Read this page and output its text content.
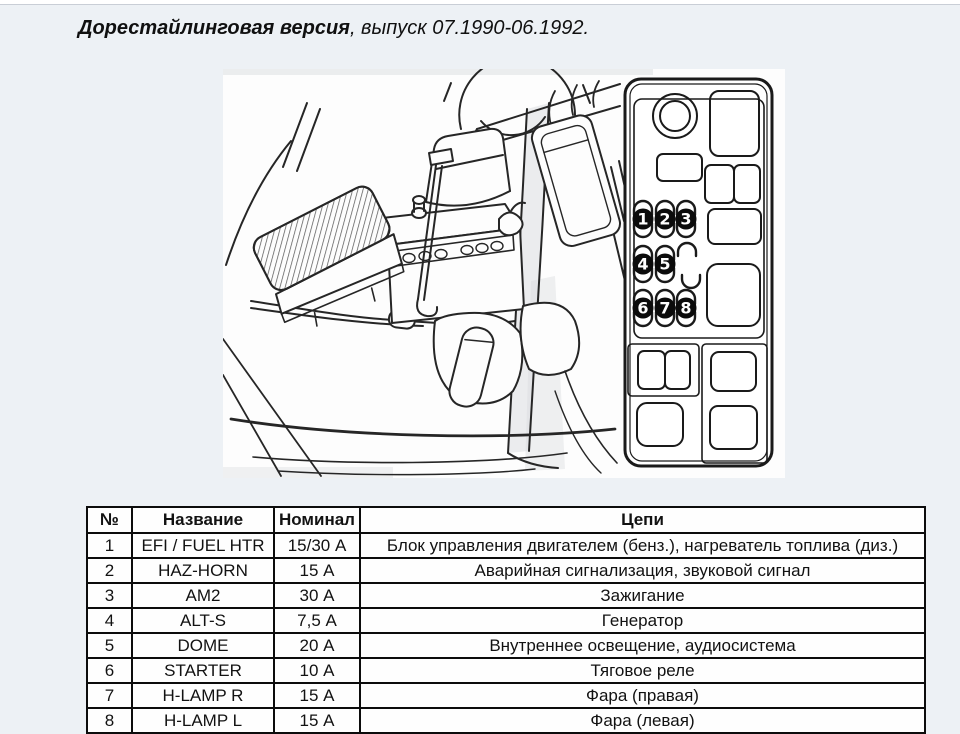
Дорестайлинговая версия, выпуск 07.1990-06.1992.
1 2 3
4 5
6 7 8
№	Название	Номинал	Цепи
1	EFI / FUEL HTR	15/30 А	Блок управления двигателем (бенз.), нагреватель топлива (диз.)
2	HAZ-HORN	15 А	Аварийная сигнализация, звуковой сигнал
3	AM2	30 А	Зажигание
4	ALT-S	7,5 А	Генератор
5	DOME	20 А	Внутреннее освещение, аудиосистема
6	STARTER	10 А	Тяговое реле
7	H-LAMP R	15 А	Фара (правая)
8	H-LAMP L	15 А	Фара (левая)
